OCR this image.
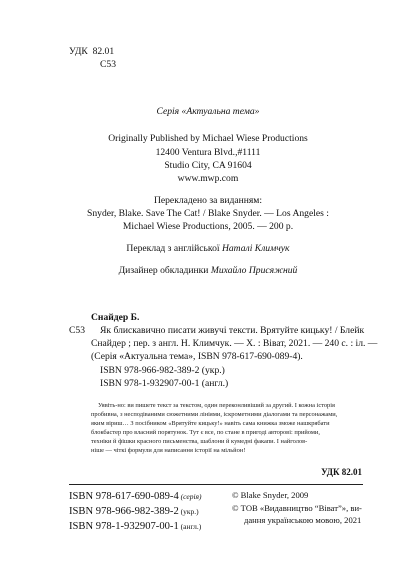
УДК 82.01
С53
Серія «Актуальна тема»
Originally Published by Michael Wiese Productions
12400 Ventura Blvd.,#1111
Studio City, CA 91604
www.mwp.com
Перекладено за виданням:
Snyder, Blake. Save The Cat! / Blake Snyder. — Los Angeles :
Michael Wiese Productions, 2005. — 200 p.
Переклад з англійської Наталі Климчук
Дизайнер обкладинки Михайло Присяжний
Снайдер Б.
С53 Як блискавично писати живучі тексти. Врятуйте кицьку! / Блейк
Снайдер ; пер. з англ. Н. Климчук. — Х. : Віват, 2021. — 240 с. : іл. —
(Серія «Актуальна тема», ISBN 978-617-690-089-4).
ISBN 978-966-982-389-2 (укр.)
ISBN 978-1-932907-00-1 (англ.)
Уявіть-но: ви пишете текст за текстом, один переконливіший за другий. І кожна історія
пробивна, з несподіваними сюжетними лініями, іскрометними діалогами та персонажами,
яким віриш… З посібником «Врятуйте кицьку!» навіть сама книжка зможе нашкрябати
блокбастер про власний порятунок. Тут є все, по стане в пригоді авторові: прийоми,
техніки й фішки красного письменства, шаблони й кумедні факапи. І найголов-
ніше — чіткі формули для написання історії на мільйон!
УДК 82.01
ISBN 978-617-690-089-4 (серія)
ISBN 978-966-982-389-2 (укр.)
ISBN 978-1-932907-00-1 (англ.)
© Blake Snyder, 2009
© ТОВ «Видавництво “Віват”», ви-
дання українською мовою, 2021
